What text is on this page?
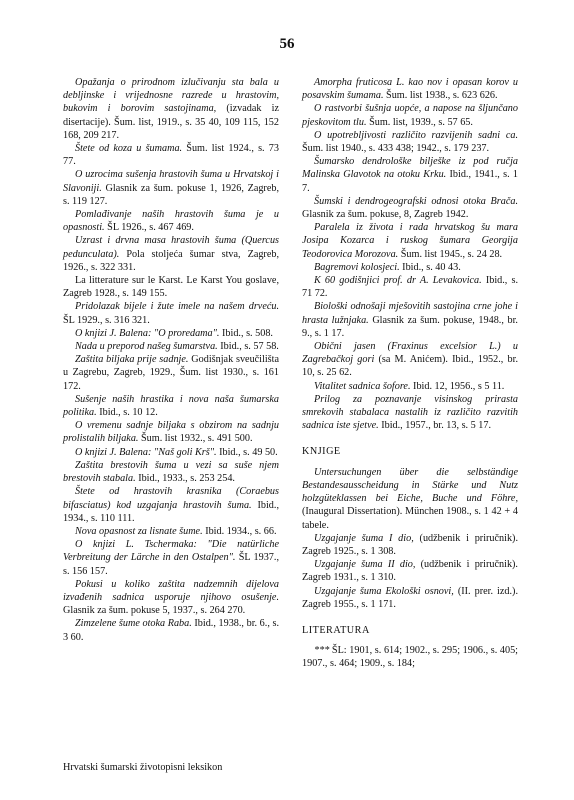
56

Opažanja o prirodnom izlučivanju sta bala u debljinske i vrijednosne razrede u hrastovim, bukovim i borovim sastojinama, (izvadak iz disertacije). Šum. list, 1919., s. 35 40, 109 115, 152 168, 209 217.

Štete od koza u šumama. Šum. list 1924., s. 73 77.

O uzrocima sušenja hrastovih šuma u Hrvatskoj i Slavoniji. Glasnik za šum. pokuse 1, 1926, Zagreb, s. 119 127.

Pomlađivanje naših hrastovih šuma je u opasnosti. ŠL 1926., s. 467 469.

Uzrast i drvna masa hrastovih šuma (Quercus pedunculata). Pola stoljeća šumar stva, Zagreb, 1926., s. 322 331.

La litterature sur le Karst. Le Karst You goslave, Zagreb 1928., s. 149 155.

Pridolazak bijele i žute imele na našem drveću. ŠL 1929., s. 316 321.

O knjizi J. Balena: "O proredama". Ibid., s. 508.

Nada u preporod našeg šumarstva. Ibid., s. 57 58.

Zaštita biljaka prije sadnje. Godišnjak sveučilišta u Zagrebu, Zagreb, 1929., Šum. list 1930., s. 161 172.

Sušenje naših hrastika i nova naša šumarska politika. Ibid., s. 10 12.

O vremenu sadnje biljaka s obzirom na sadnju prolistalih biljaka. Šum. list 1932., s. 491 500.

O knjizi J. Balena: "Naš goli Krš". Ibid., s. 49 50.

Zaštita brestovih šuma u vezi sa suše njem brestovih stabala. Ibid., 1933., s. 253 254.

Štete od hrastovih krasnika (Coraebus bifasciatus) kod uzgajanja hrastovih šuma. Ibid., 1934., s. 110 111.

Nova opasnost za lisnate šume. Ibid. 1934., s. 66.

O knjizi L. Tschermaka: "Die natürliche Verbreitung der Lärche in den Ostalpen". ŠL 1937., s. 156 157.

Pokusi u koliko zaštita nadzemnih dijelova izvađenih sadnica usporuje njihovo osušenje. Glasnik za šum. pokuse 5, 1937., s. 264 270.

Zimzelene šume otoka Raba. Ibid., 1938., br. 6., s. 3 60.

Amorpha fruticosa L. kao nov i opasan korov u posavskim šumama. Šum. list 1938., s. 623 626.

O rastvorbi šušnja uopće, a napose na šljunčano pjeskovitom tlu. Šum. list, 1939., s. 57 65.

O upotrebljivosti različito razvijenih sadni ca. Šum. list 1940., s. 433 438; 1942., s. 179 237.

Šumarsko dendrološke bilješke iz pod ručja Malinska Glavotok na otoku Krku. Ibid., 1941., s. 1 7.

Šumski i dendrogeografski odnosi otoka Brača. Glasnik za šum. pokuse, 8, Zagreb 1942.

Paralela iz života i rada hrvatskog šu mara Josipa Kozarca i ruskog šumara Georgija Teodorovica Morozova. Šum. list 1945., s. 24 28.

Bagremovi kolosjeci. Ibid., s. 40 43.

K 60 godišnjici prof. dr A. Levakovica. Ibid., s. 71 72.

Biološki odnošaji mješovitih sastojina crne johe i hrasta lužnjaka. Glasnik za šum. pokuse, 1948., br. 9., s. 1 17.

Obični jasen (Fraxinus excelsior L.) u Zagrebačkoj gori (sa M. Anićem). Ibid., 1952., br. 10, s. 25 62.

Vitalitet sadnica šofore. Ibid. 12, 1956., s 5 11.

Prilog za poznavanje visinskog prirasta smrekovih stabalaca nastalih iz različito razvitih sadnica iste sjetve. Ibid., 1957., br. 13, s. 5 17.

KNJIGE

Untersuchungen über die selbständige Bestandesausscheidung in Stärke und Nutz holzgüteklassen bei Eiche, Buche und Föhre, (Inaugural Dissertation). München 1908., s. 1 42 + 4 tabele.

Uzgajanje šuma I dio, (udžbenik i priručnik). Zagreb 1925., s. 1 308.

Uzgajanje šuma II dio, (udžbenik i priručnik). Zagreb 1931., s. 1 310.

Uzgajanje šuma Ekološki osnovi, (II. prer. izd.). Zagreb 1955., s. 1 171.

LITERATURA

*** ŠL: 1901, s. 614; 1902., s. 295; 1906., s. 405; 1907., s. 464; 1909., s. 184;

Hrvatski šumarski životopisni leksikon
